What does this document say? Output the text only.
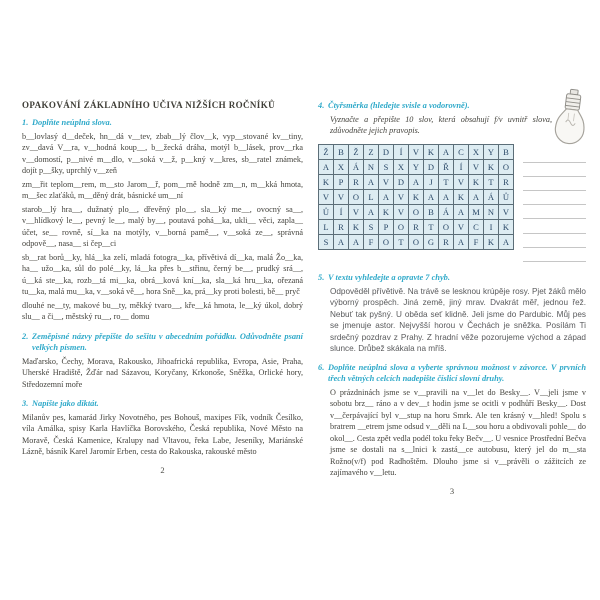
OPAKOVÁNÍ ZÁKLADNÍHO UČIVA NIŽŠÍCH ROČNÍKŮ
1. Doplňte neúplná slova.

b__lovlasý d__deček, hn__dá v__tev, zbab__lý člov__k, vyp__stované kv__tiny, zv__davá V__ra, v__hodná koup__, b__žecká dráha, motýl b__lásek, prov__rka v__domostí, p__nivé m__dlo, v__soká v__ž, p__kný v__kres, sb__ratel známek, dojít p__šky, uprchlý v__zeň

zm__řit teplom__rem, m__sto Jarom__ř, pom__rně hodně zm__n, m__kká hmota, m__šec zlaťáků, m__děný drát, básnické um__ní

starob__lý hra__, dužnatý plo__, dřevěný plo__, sla__ký me__, ovocný sa__, v__hlídkový le__, pevný le__, malý by__, poutavá pohá__ka, ukli__ věci, zapla__ účet, se__ rovně, sí__ka na motýly, v__borná pamě__, v__soká ze__, správná odpově__, nasa__ si čep__ci

sb__rat borů__ky, hlá__ka zelí, mladá fotogra__ka, přívětivá dí__ka, malá Žo__ka, ha__ užo__ka, sůl do polé__ky, lá__ka přes b__střinu, černý be__, prudký srá__, ú__ká ste__ka, rozb__tá mi__ka, obrá__ková kní__ka, sla__ká hru__ka, ořezaná tu__ka, malá mu__ka, v__soká vě__, hora Sně__ka, prá__ky proti bolesti, bě__ pryč

dlouhé ne__ty, makové bu__ty, měkký tvaro__, kře__ká hmota, le__ký úkol, dobrý slu__ a či__, městský ru__, ro__ domu

2. Zeměpisné názvy přepište do sešitu v abecedním pořádku. Odůvodněte psaní velkých písmen.

Maďarsko, Čechy, Morava, Rakousko, Jihoafrická republika, Evropa, Asie, Praha, Uherské Hradiště, Žďár nad Sázavou, Koryčany, Krkonoše, Sněžka, Orlické hory, Středozemní moře

3. Napište jako diktát.

Milanův pes, kamarád Jirky Novotného, pes Bohouš, maxipes Fík, vodník Česílko, víla Amálka, spisy Karla Havlíčka Borovského, Česká republika, Nové Město na Moravě, Česká Kamenice, Kralupy nad Vltavou, řeka Labe, Jeseníky, Mariánské Lázně, básník Karel Jaromír Erben, cesta do Rakouska, rakouské město

2
4. Čtyřsměrka (hledejte svisle a vodorovně).

Vyznačte a přepište 10 slov, která obsahují f/v uvnitř slova, zdůvodněte jejich pravopis.

Ž	B	Ž	Z	D	Í	V	K	A	C	X	Y	B
A	X	Á	N	S	X	Y	D	Ř	Í	V	K	O
K	P	R	A	V	D	A	J	T	V	K	T	R
V	V	O	L	A	V	K	A	A	K	A	Á	Ů
Ů	Í	V	A	K	V	O	B	Á	A M N	V
L	R	K	S	P	O	R	T	O	V	C	I	K
S	A	A	F	O	T	O	G	R	A	F	K	A
5. V textu vyhledejte a opravte 7 chyb.

Odpověděl přívětivě. Na trávě se lesknou krúpěje rosy. Pjet žáků mělo výborný prospěch. Jiná země, jiný mrav. Dvakrát měř, jednou řež. Nebuť tak pyšný. U oběda seť klidně. Jeli jsme do Pardubic. Můj pes se jmenuje astor. Nejvyšší horou v Čechách je sněžka. Posílám Ti srdečný pozdrav z Prahy. Z hradní věže pozorujeme východ a západ slunce. Drůbež skákala na mříš.

6. Doplňte neúplná slova a vyberte správnou možnost v závorce. V prvních třech větných celcích nadepište číslicí slovní druhy.

O prázdninách jsme se v__pravili na v__let do Besky__. V__jeli jsme v sobotu brz__ ráno a v dev__t hodin jsme se ocitli v podhůří Besky__. Dost v__čerpávající byl v__stup na horu Smrk. Ale ten krásný v__hled! Spolu s bratrem __etrem jsme odsud v__děli na L__sou horu a obdivovali pohle__ do okol__. Cesta zpět vedla podél toku řeky Bečv__. U vesnice Prostřední Bečva jsme se dostali na s__lnici k zastá__ce autobusu, který jel do m__sta Rožno(v/f) pod Radhoštěm. Dlouho jsme si v__právěli o zážitcích ze zajímavého v__letu.

3
